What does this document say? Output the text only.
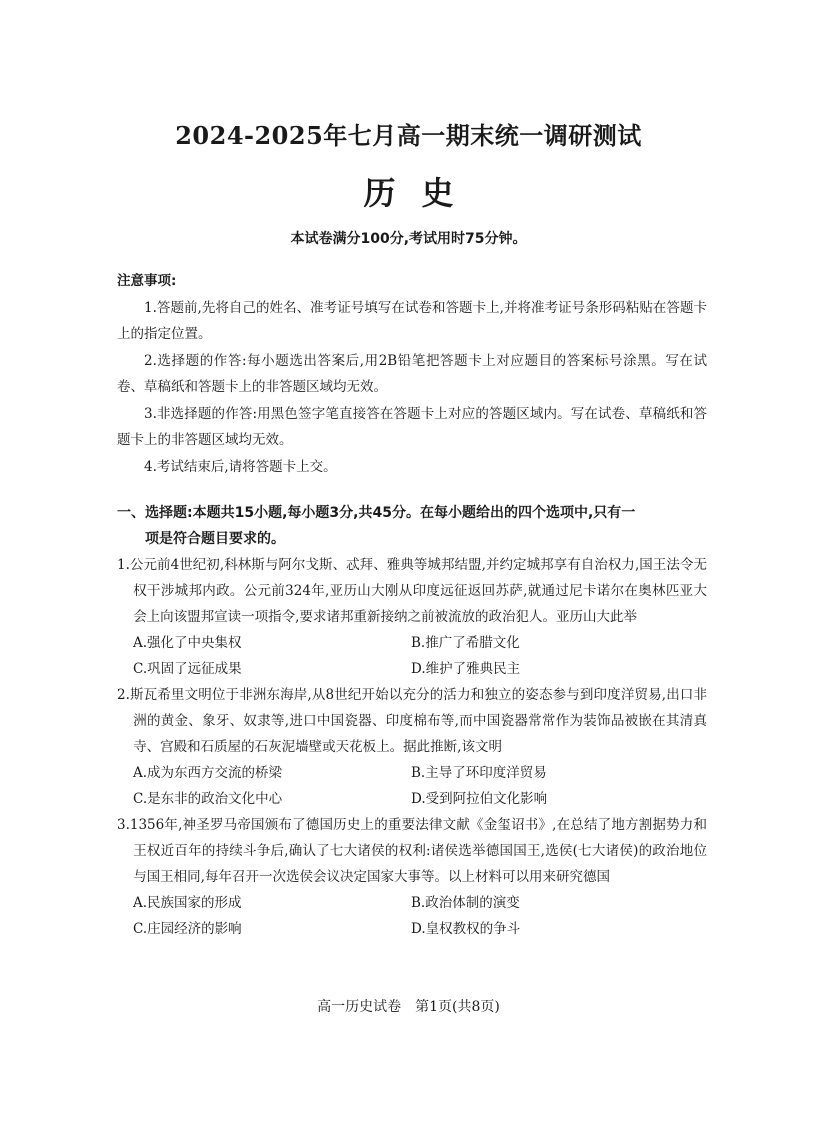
2024-2025年七月高一期末统一调研测试
历史
本试卷满分100分,考试用时75分钟。
注意事项:

1.答题前,先将自己的姓名、准考证号填写在试卷和答题卡上,并将准考证号条形码粘贴在答题卡上的指定位置。

2.选择题的作答:每小题选出答案后,用2B铅笔把答题卡上对应题目的答案标号涂黑。写在试卷、草稿纸和答题卡上的非答题区域均无效。

3.非选择题的作答:用黑色签字笔直接答在答题卡上对应的答题区域内。写在试卷、草稿纸和答题卡上的非答题区域均无效。

4.考试结束后,请将答题卡上交。

一、选择题:本题共15小题,每小题3分,共45分。在每小题给出的四个选项中,只有一
项是符合题目要求的。
1.公元前4世纪初,科林斯与阿尔戈斯、忒拜、雅典等城邦结盟,并约定城邦享有自治权力,国王法令无权干涉城邦内政。公元前324年,亚历山大刚从印度远征返回苏萨,就通过尼卡诺尔在奥林匹亚大会上向该盟邦宣读一项指令,要求诸邦重新接纳之前被流放的政治犯人。亚历山大此举
A.强化了中央集权	B.推广了希腊文化
C.巩固了远征成果	D.维护了雅典民主
2.斯瓦希里文明位于非洲东海岸,从8世纪开始以充分的活力和独立的姿态参与到印度洋贸易,出口非洲的黄金、象牙、奴隶等,进口中国瓷器、印度棉布等,而中国瓷器常常作为装饰品被嵌在其清真寺、宫殿和石质屋的石灰泥墙壁或天花板上。据此推断,该文明
A.成为东西方交流的桥梁	B.主导了环印度洋贸易
C.是东非的政治文化中心	D.受到阿拉伯文化影响
3.1356年,神圣罗马帝国颁布了德国历史上的重要法律文献《金玺诏书》,在总结了地方割据势力和王权近百年的持续斗争后,确认了七大诸侯的权利:诸侯选举德国国王,选侯(七大诸侯)的政治地位与国王相同,每年召开一次选侯会议决定国家大事等。以上材料可以用来研究德国
A.民族国家的形成	B.政治体制的演变
C.庄园经济的影响	D.皇权教权的争斗
高一历史试卷　第1页(共8页)
